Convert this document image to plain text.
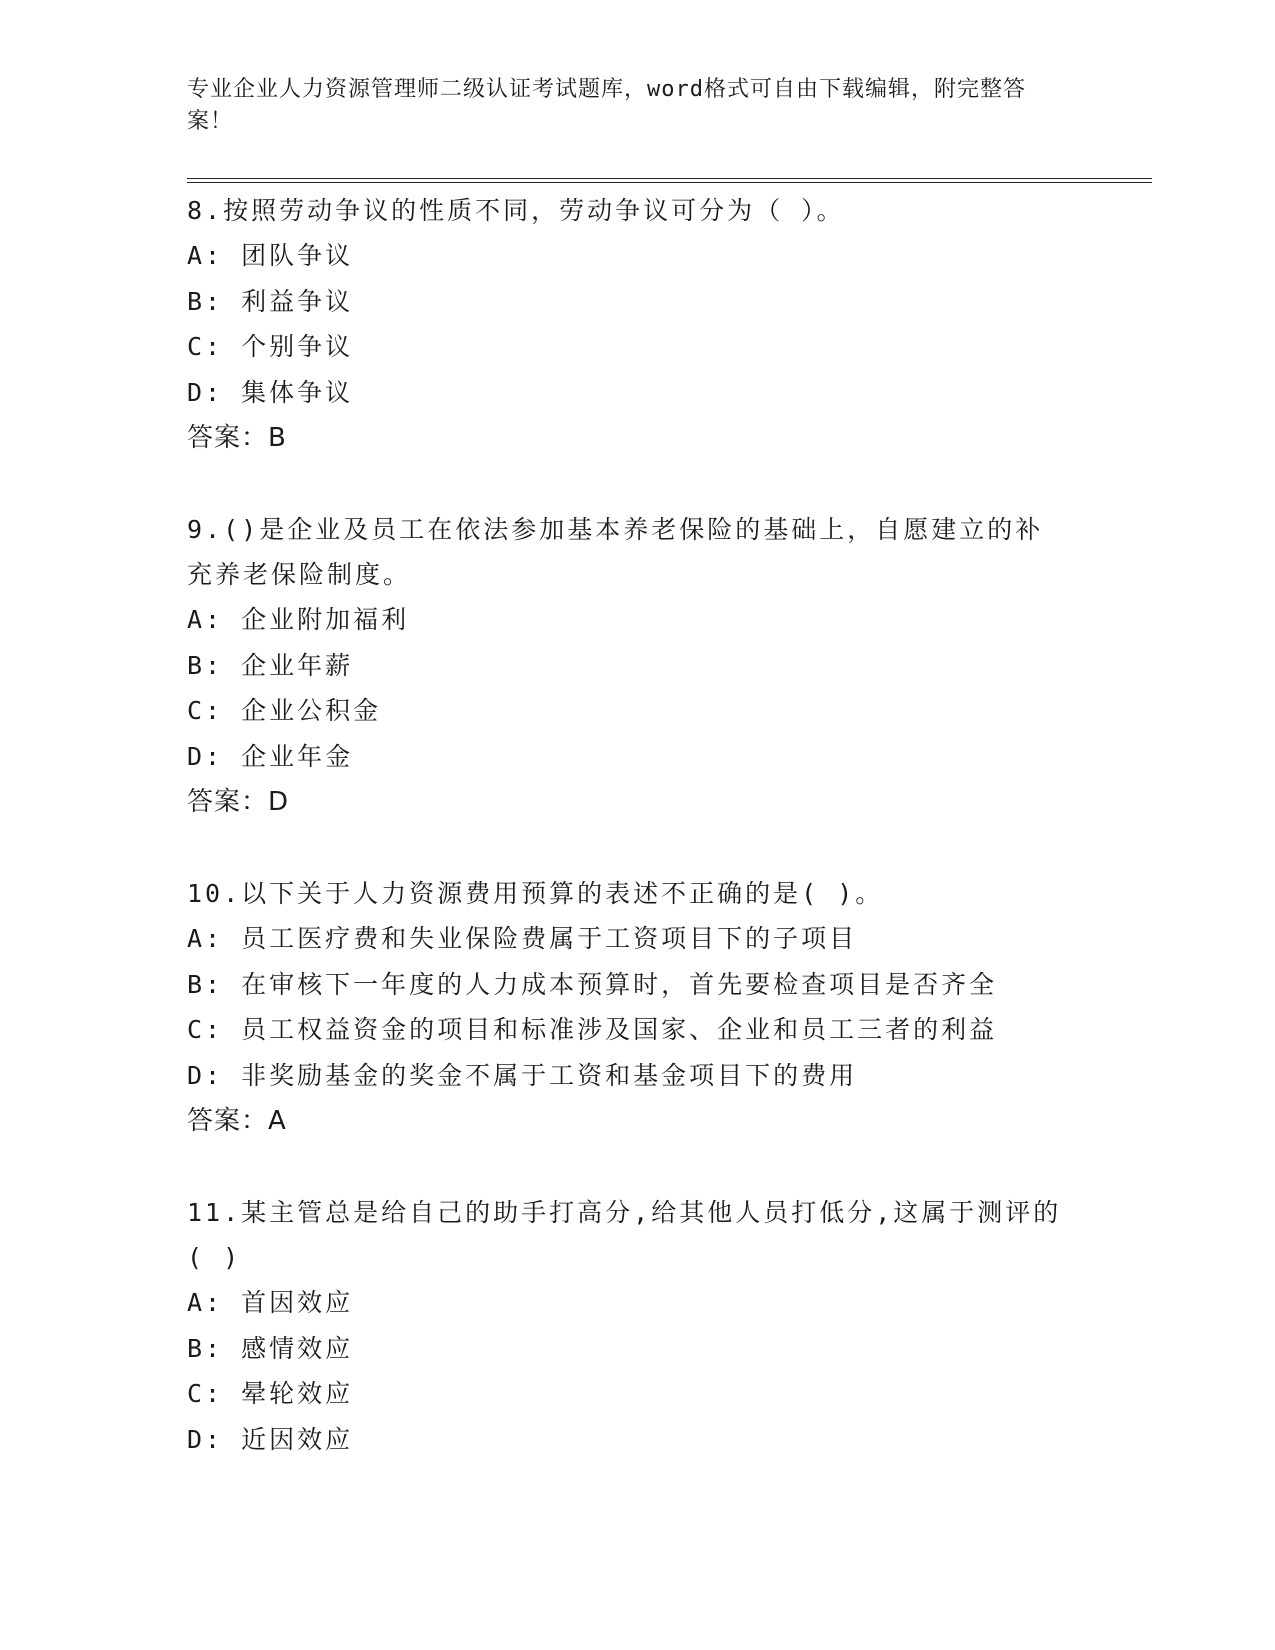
专业企业人力资源管理师二级认证考试题库，word格式可自由下载编辑，附完整答案！

8.按照劳动争议的性质不同，劳动争议可分为（ ）。

A: 团队争议

B: 利益争议

C: 个别争议

D: 集体争议

答案：B

9.()是企业及员工在依法参加基本养老保险的基础上，自愿建立的补充养老保险制度。

A: 企业附加福利

B: 企业年薪

C: 企业公积金

D: 企业年金

答案：D

10.以下关于人力资源费用预算的表述不正确的是( )。

A: 员工医疗费和失业保险费属于工资项目下的子项目

B: 在审核下一年度的人力成本预算时，首先要检查项目是否齐全

C: 员工权益资金的项目和标准涉及国家、企业和员工三者的利益

D: 非奖励基金的奖金不属于工资和基金项目下的费用

答案：A

11.某主管总是给自己的助手打高分,给其他人员打低分,这属于测评的( )

A: 首因效应

B: 感情效应

C: 晕轮效应

D: 近因效应
